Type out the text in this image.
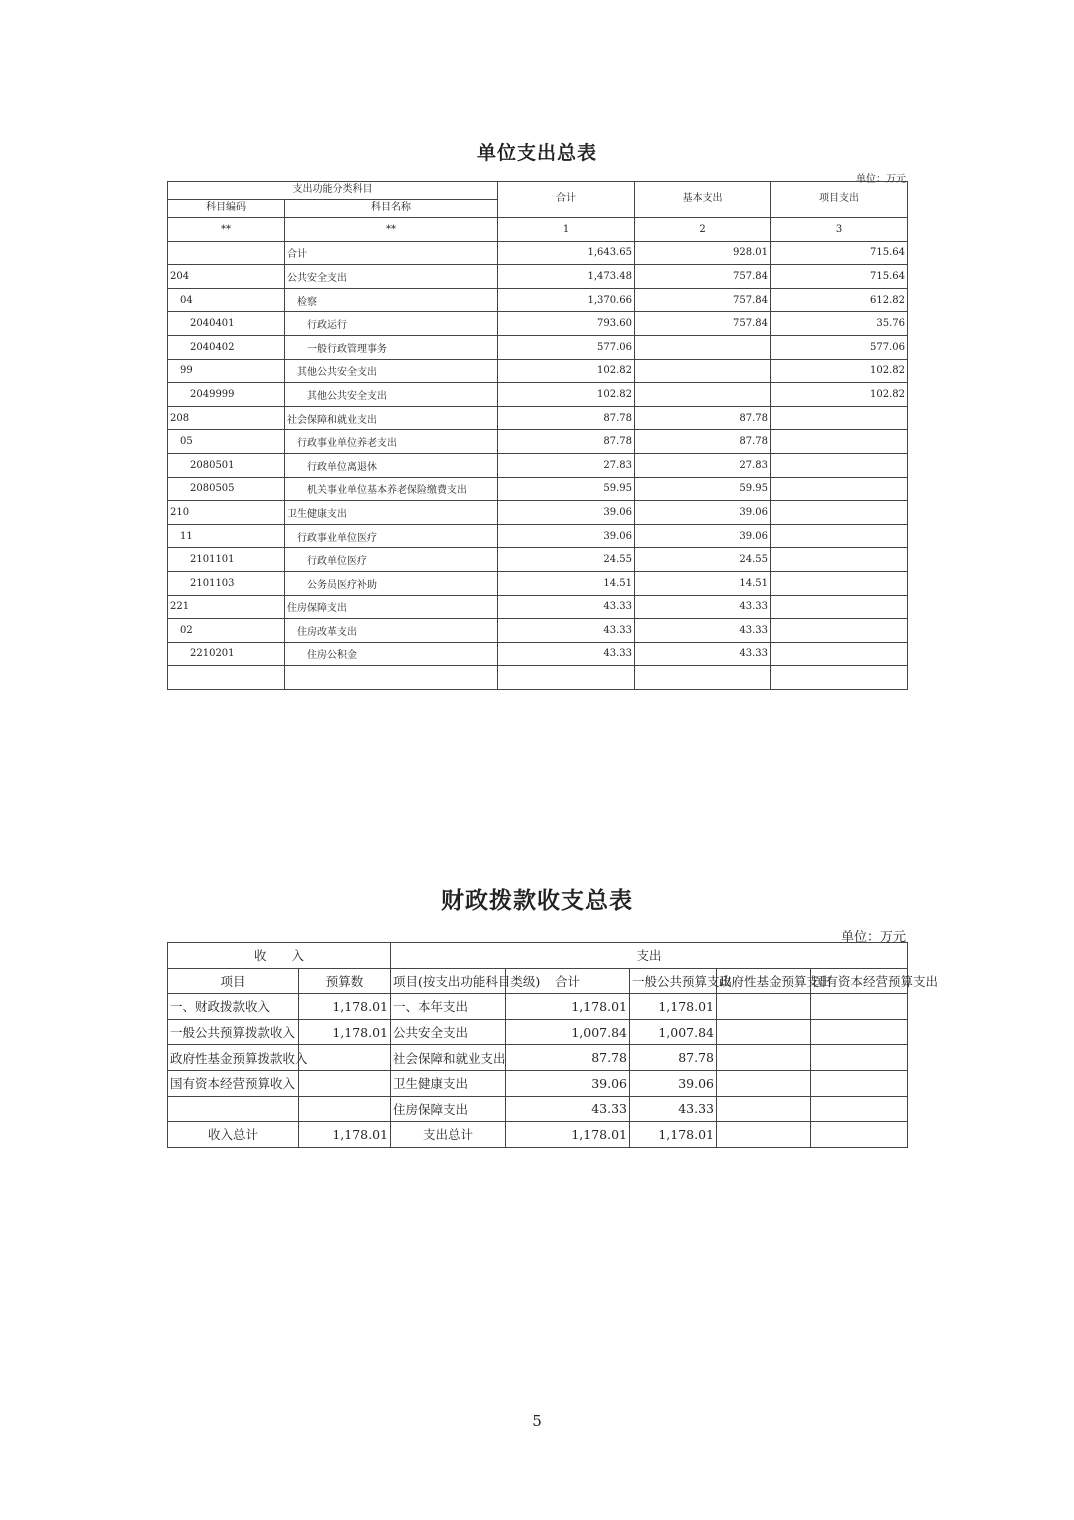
单位支出总表
单位：万元
支出功能分类科目		合计	基本支出	项目支出

科目编码	科目名称			

**	**	1	2	3
	合计	1,643.65	928.01	715.64
204	公共安全支出	1,473.48	757.84	715.64
04	检察	1,370.66	757.84	612.82
2040401	行政运行	793.60	757.84	35.76
2040402	一般行政管理事务	577.06		577.06
99	其他公共安全支出	102.82		102.82
2049999	其他公共安全支出	102.82		102.82
208	社会保障和就业支出	87.78	87.78	
05	行政事业单位养老支出	87.78	87.78	
2080501	行政单位离退休	27.83	27.83	
2080505	机关事业单位基本养老保险缴费支出	59.95	59.95	
210	卫生健康支出	39.06	39.06	
11	行政事业单位医疗	39.06	39.06	
2101101	行政单位医疗	24.55	24.55	
2101103	公务员医疗补助	14.51	14.51	
221	住房保障支出	43.33	43.33	
02	住房改革支出	43.33	43.33	
2210201	住房公积金	43.33	43.33	

财政拨款收支总表
单位：万元
收　　入		支出				
项目	预算数	项目(按支出功能科目类级)	合计	一般公共预算支出	政府性基金预算支出	国有资本经营预算支出
一、财政拨款收入	1,178.01	一、本年支出	1,178.01	1,178.01		
一般公共预算拨款收入	1,178.01	公共安全支出	1,007.84	1,007.84		
政府性基金预算拨款收入		社会保障和就业支出	87.78	87.78		
国有资本经营预算收入		卫生健康支出	39.06	39.06		
		住房保障支出	43.33	43.33		
收入总计	1,178.01	支出总计	1,178.01	1,178.01		
5
